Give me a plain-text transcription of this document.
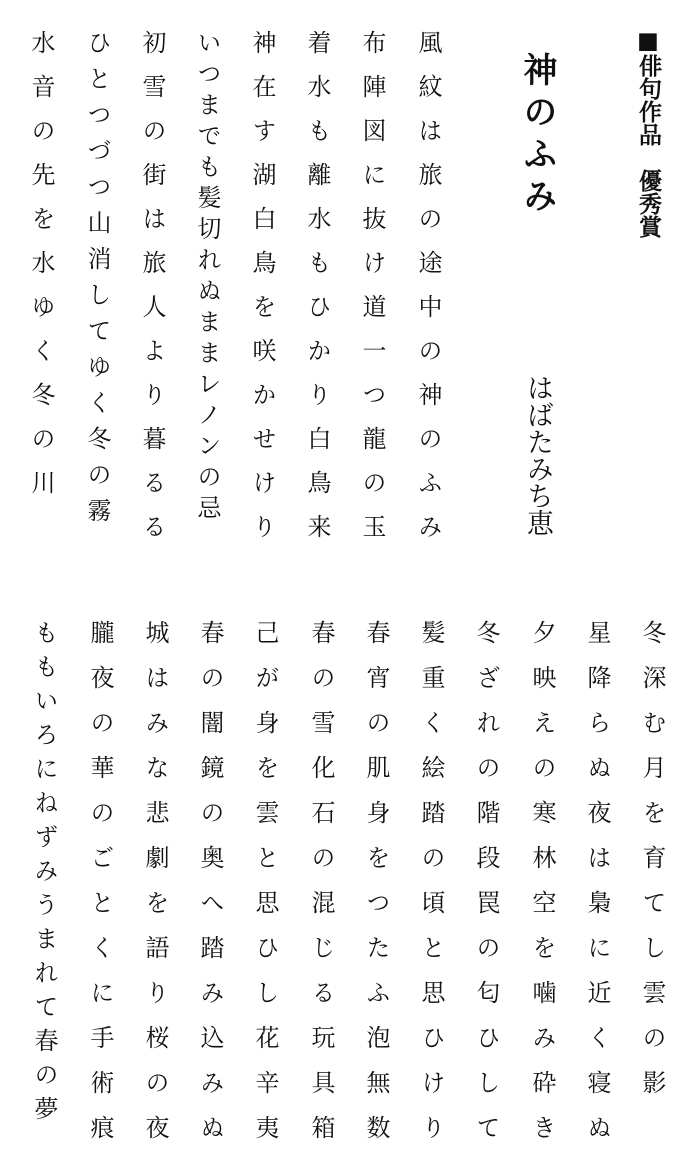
■俳句作品　優秀賞
神のふみ
はばたみち恵
風紋は旅の途中の神のふみ
布陣図に抜け道一つ龍の玉
着水も離水もひかり白鳥来
神在す湖白鳥を咲かせけり
いつまでも髪切れぬままレノンの忌
初雪の街は旅人より暮るる
ひとつづつ山消してゆく冬の霧
水音の先を水ゆく冬の川
冬深む月を育てし雲の影
星降らぬ夜は梟に近く寝ぬ
夕映えの寒林空を噛み砕き
冬ざれの階段罠の匂ひして
髪重く絵踏の頃と思ひけり
春宵の肌身をつたふ泡無数
春の雪化石の混じる玩具箱
己が身を雲と思ひし花辛夷
春の闇鏡の奥へ踏み込みぬ
城はみな悲劇を語り桜の夜
朧夜の華のごとくに手術痕
ももいろにねずみうまれて春の夢
